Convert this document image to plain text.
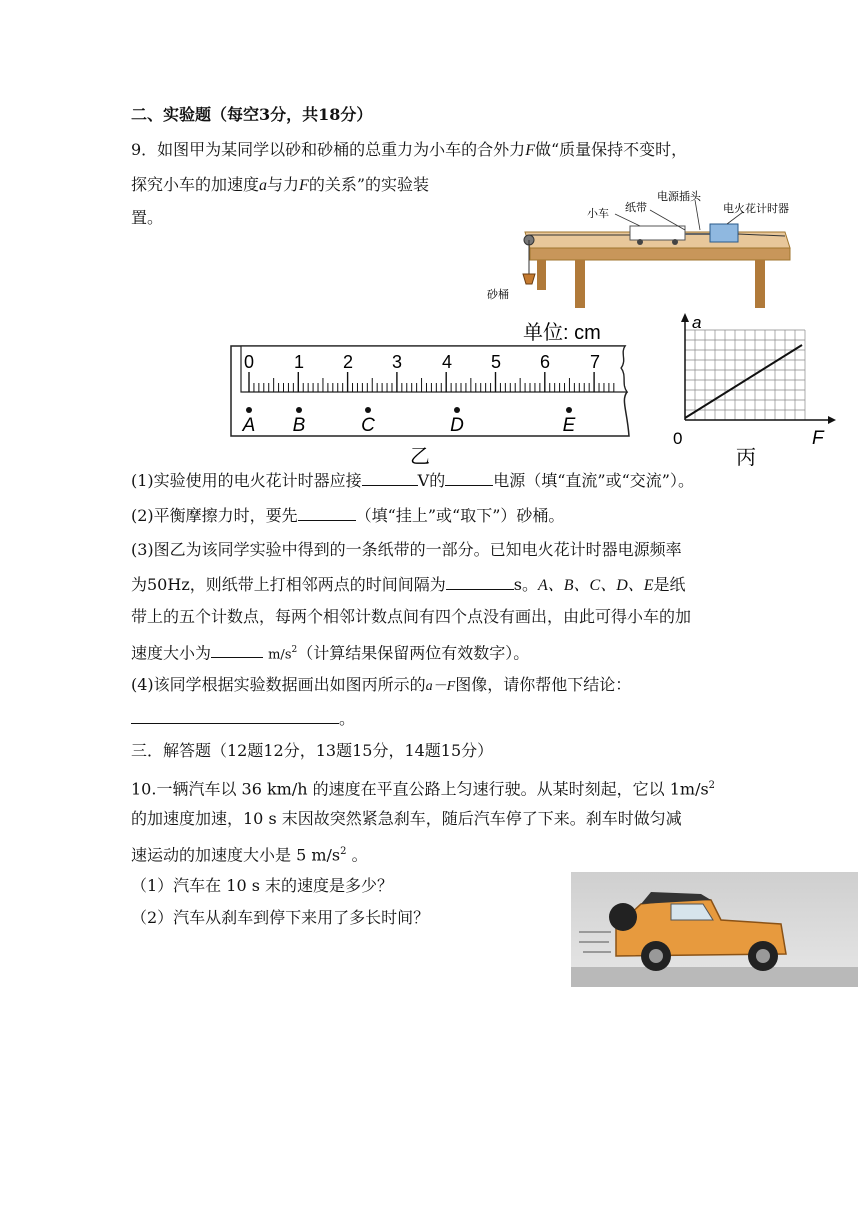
二、实验题（每空3分，共18分）
9．如图甲为某同学以砂和砂桶的总重力为小车的合外力F做“质量保持不变时，
探究小车的加速度a与力F的关系”的实验装
置。	小车 纸带
电源插头
电火花计时器
砂桶
单位: cm
0 1 2 3 4 5 6 7
A B	C	D	E
乙
a
F
0
丙
(1)实验使用的电火花计时器应接	V的	电源（填“直流”或“交流”）。
(2)平衡摩擦力时，要先	（填“挂上”或“取下”）砂桶。
(3)图乙为该同学实验中得到的一条纸带的一部分。已知电火花计时器电源频率
为50Hz，则纸带上打相邻两点的时间间隔为	s。A、B、C、D、E是纸
带上的五个计数点，每两个相邻计数点间有四个点没有画出，由此可得小车的加
速度大小为	$m/s^2$（计算结果保留两位有效数字）。
(4)该同学根据实验数据画出如图丙所示的a－F图像，请你帮他下结论：
。
三．解答题（12题12分，13题15分，14题15分）
10.一辆汽车以 36 km/h 的速度在平直公路上匀速行驶。从某时刻起，它以 $1m/s^2$
的加速度加速，10 s 末因故突然紧急刹车，随后汽车停了下来。刹车时做匀减
速运动的加速度大小是 5 $m/s^2$ 。
（1）汽车在 10 s 末的速度是多少？
（2）汽车从刹车到停下来用了多长时间？
